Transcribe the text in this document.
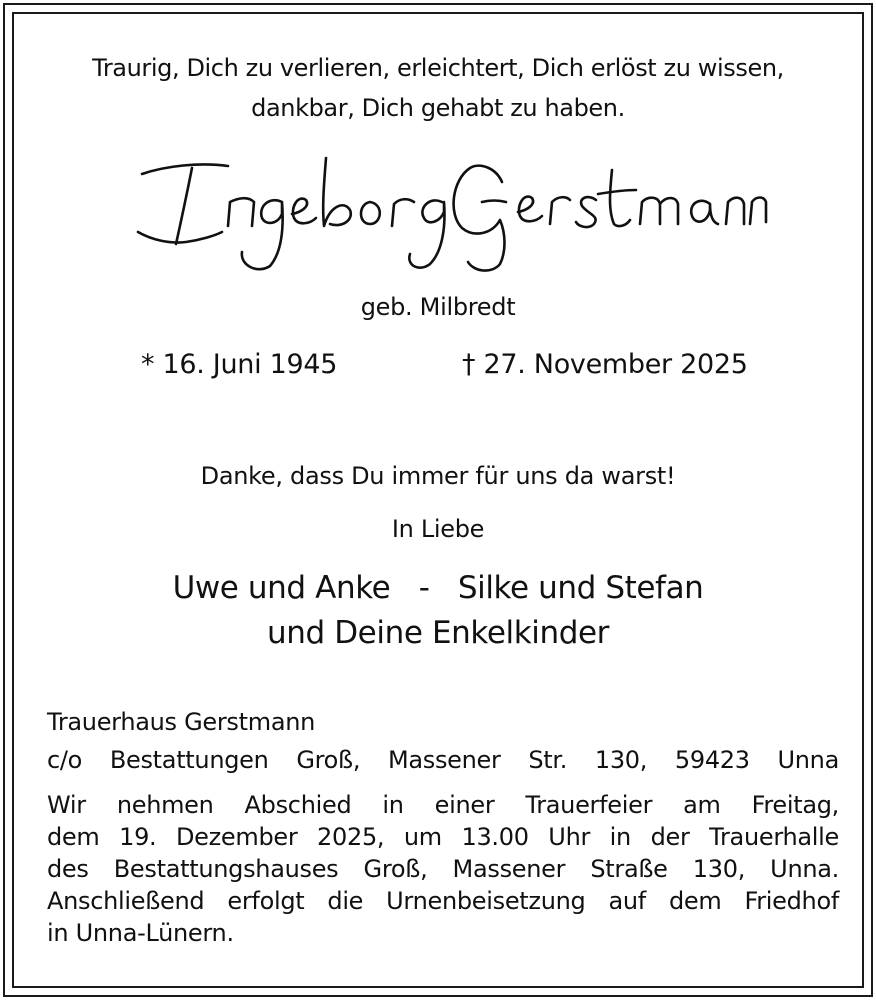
Traurig, Dich zu verlieren, erleichtert, Dich erlöst zu wissen,
dankbar, Dich gehabt zu haben.
geb. Milbredt
* 16. Juni 1945	† 27. November 2025
Danke, dass Du immer für uns da warst!
In Liebe
Uwe und Anke   -   Silke und Stefan
und Deine Enkelkinder
Trauerhaus Gerstmann
c/o Bestattungen Groß, Massener Str. 130, 59423 Unna
Wir nehmen Abschied in einer Trauerfeier am Freitag,
dem 19. Dezember 2025, um 13.00 Uhr in der Trauerhalle
des Bestattungshauses Groß, Massener Straße 130, Unna.
Anschließend erfolgt die Urnenbeisetzung auf dem Friedhof
in Unna-Lünern.
